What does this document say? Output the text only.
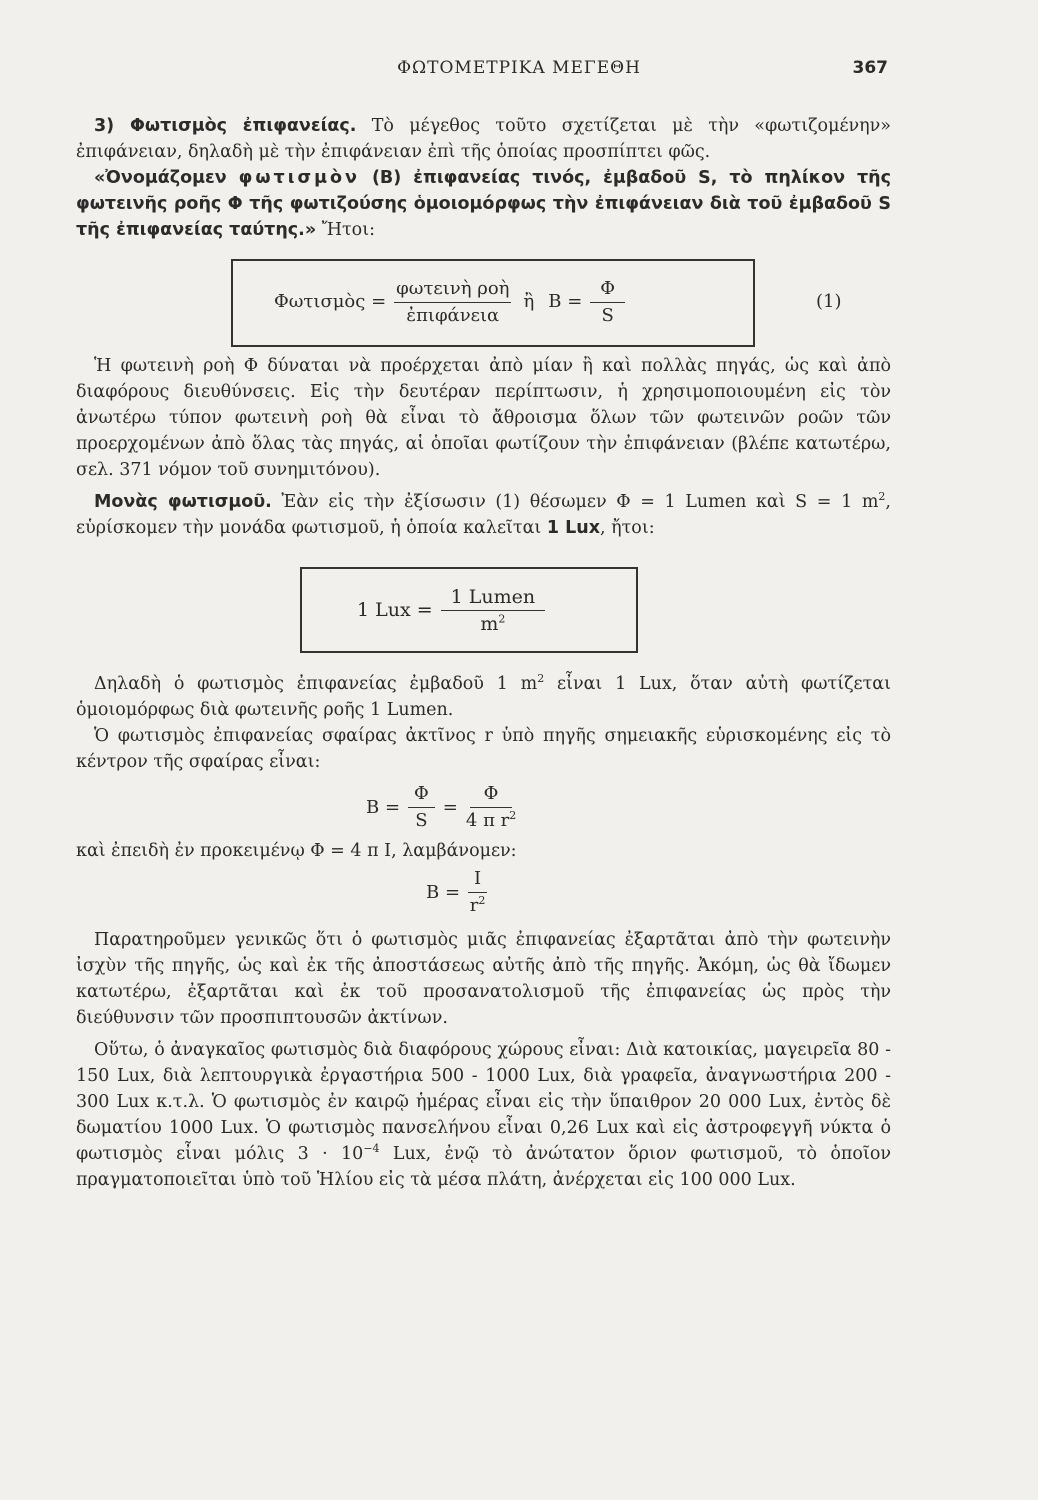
ΦΩΤΟΜΕΤΡΙΚΑ ΜΕΓΕΘΗ	367

3) Φωτισμὸς ἐπιφανείας. Τὸ μέγεθος τοῦτο σχετίζεται μὲ τὴν «φωτιζομένην» ἐπιφάνειαν, δηλαδὴ μὲ τὴν ἐπιφάνειαν ἐπὶ τῆς ὁποίας προσπίπτει φῶς.

«Ὀνομάζομεν φωτισμὸν (B) ἐπιφανείας τινός, ἐμβαδοῦ S, τὸ πηλίκον τῆς φωτεινῆς ροῆς Φ τῆς φωτιζούσης ὁμοιομόρφως τὴν ἐπιφάνειαν διὰ τοῦ ἐμβαδοῦ S τῆς ἐπιφανείας ταύτης.» Ἤτοι:

Φωτισμὸς = $\frac{\text{φωτεινὴ ροὴ}}{\text{ἐπιφάνεια}}$ ἢ $B = \frac{\Phi}{S}$	(1)

Ἡ φωτεινὴ ροὴ Φ δύναται νὰ προέρχεται ἀπὸ μίαν ἢ καὶ πολλὰς πηγάς, ὡς καὶ ἀπὸ διαφόρους διευθύνσεις. Εἰς τὴν δευτέραν περίπτωσιν, ἡ χρησιμοποιουμένη εἰς τὸν ἀνωτέρω τύπον φωτεινὴ ροὴ θὰ εἶναι τὸ ἄθροισμα ὅλων τῶν φωτεινῶν ροῶν τῶν προερχομένων ἀπὸ ὅλας τὰς πηγάς, αἱ ὁποῖαι φωτίζουν τὴν ἐπιφάνειαν (βλέπε κατωτέρω, σελ. 371 νόμον τοῦ συνημιτόνου).

Μονὰς φωτισμοῦ. Ἐὰν εἰς τὴν ἐξίσωσιν (1) θέσωμεν Φ = 1 Lumen καὶ S = 1 $m^2$, εὑρίσκομεν τὴν μονάδα φωτισμοῦ, ἡ ὁποία καλεῖται 1 Lux, ἤτοι:

1 Lux = $\frac{\text{1 Lumen}}{m^2}$

Δηλαδὴ ὁ φωτισμὸς ἐπιφανείας ἐμβαδοῦ 1 $m^2$ εἶναι 1 Lux, ὅταν αὐτὴ φωτίζεται ὁμοιομόρφως διὰ φωτεινῆς ροῆς 1 Lumen.

Ὁ φωτισμὸς ἐπιφανείας σφαίρας ἀκτῖνος r ὑπὸ πηγῆς σημειακῆς εὑρισκομένης εἰς τὸ κέντρον τῆς σφαίρας εἶναι:

$B = \frac{\Phi}{S} = \frac{\Phi}{4 \pi r^2}$

καὶ ἐπειδὴ ἐν προκειμένῳ Φ = 4 π I, λαμβάνομεν:

$B = \frac{I}{r^2}$

Παρατηροῦμεν γενικῶς ὅτι ὁ φωτισμὸς μιᾶς ἐπιφανείας ἐξαρτᾶται ἀπὸ τὴν φωτεινὴν ἰσχὺν τῆς πηγῆς, ὡς καὶ ἐκ τῆς ἀποστάσεως αὐτῆς ἀπὸ τῆς πηγῆς. Ἀκόμη, ὡς θὰ ἴδωμεν κατωτέρω, ἐξαρτᾶται καὶ ἐκ τοῦ προσανατολισμοῦ τῆς ἐπιφανείας ὡς πρὸς τὴν διεύθυνσιν τῶν προσπιπτουσῶν ἀκτίνων.

Οὕτω, ὁ ἀναγκαῖος φωτισμὸς διὰ διαφόρους χώρους εἶναι: Διὰ κατοικίας, μαγειρεῖα 80 - 150 Lux, διὰ λεπτουργικὰ ἐργαστήρια 500 - 1000 Lux, διὰ γραφεῖα, ἀναγνωστήρια 200 - 300 Lux κ.τ.λ. Ὁ φωτισμὸς ἐν καιρῷ ἡμέρας εἶναι εἰς τὴν ὕπαιθρον 20 000 Lux, ἐντὸς δὲ δωματίου 1000 Lux. Ὁ φωτισμὸς πανσελήνου εἶναι 0,26 Lux καὶ εἰς ἀστροφεγγῆ νύκτα ὁ φωτισμὸς εἶναι μόλις $3 \cdot 10^{-4}$ Lux, ἐνῷ τὸ ἀνώτατον ὅριον φωτισμοῦ, τὸ ὁποῖον πραγματοποιεῖται ὑπὸ τοῦ Ἡλίου εἰς τὰ μέσα πλάτη, ἀνέρχεται εἰς 100 000 Lux.
